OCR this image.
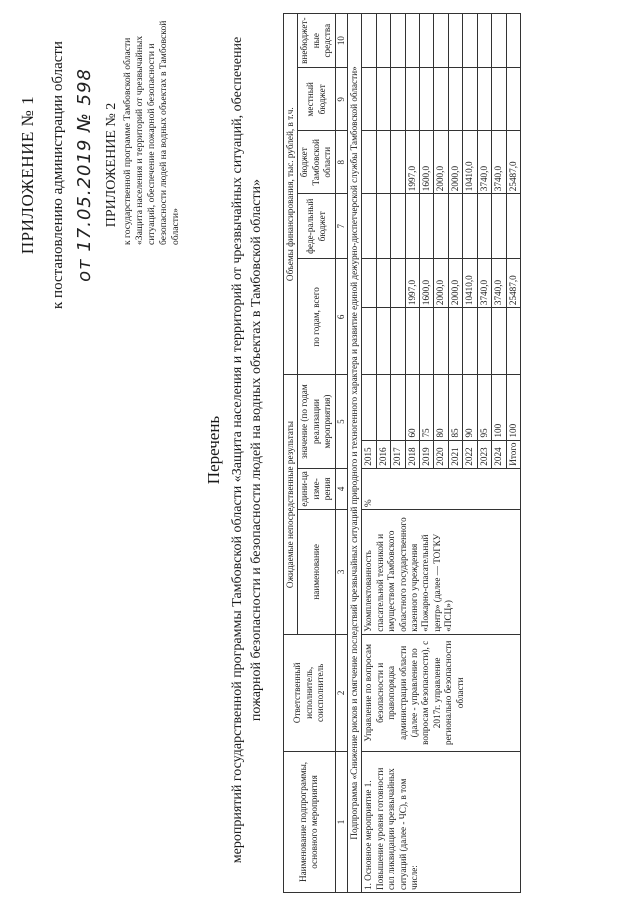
ПРИЛОЖЕНИЕ № 1 к постановлению администрации области от 17.05.2019 № 598 ПРИЛОЖЕНИЕ № 2 к государственной программе Тамбовской области «Защита населения и территорий от чрезвычайных ситуаций, обеспечение пожарной безопасности и безопасности людей на водных объектах в Тамбовской области»
Перечень мероприятий государственной программы Тамбовской области «Защита населения и территорий от чрезвычайных ситуаций, обеспечение пожарной безопасности и безопасности людей на водных объектах в Тамбовской области»
Наименование подпрограммы, основного мероприятия	Ответственный исполнитель, соисполнитель	Ожидаемые непосредственные результаты				Объемы финансирования, тыс. рублей, в т.ч.					
		наименование	едини-ца изме-рения	значение (по годам реализации мероприятия)		по годам, всего		феде-ральный бюджет	бюджет Тамбовской области	местный бюджет	внебюджет-ные средства
1	2	3	4	5		6		7	8	9	10
Подпрограмма «Снижение рисков и смягчение последствий чрезвычайных ситуаций природного и техногенного характера и развитие единой дежурно-диспетчерской службы Тамбовской области»											
1. Основное мероприятие 1. Повышение уровня готовности сил ликвидации чрезвычайных ситуаций (далее - ЧС), в том числе:	Управление по вопросам безопасности и правопорядка администрации области (далее - управление по вопросам безопасности), с 2017г. управление регионально безопасности области	Укомплектованность спасательной техникой и имуществом Тамбовского областного государственного казенного учреждения «Пожарно-спасательный центр» (далее — ТОГКУ «ПСЦ»)	%	2015							
				2016							
				2017							
				2018	60		1997,0		1997,0		
				2019	75		1600,0		1600,0		
				2020	80		2000,0		2000,0		
				2021	85		2000,0		2000,0		
				2022	90		10410,0		10410,0		
				2023	95		3740,0		3740,0		
				2024	100		3740,0		3740,0		
				Итого	100		25487,0		25487,0		
